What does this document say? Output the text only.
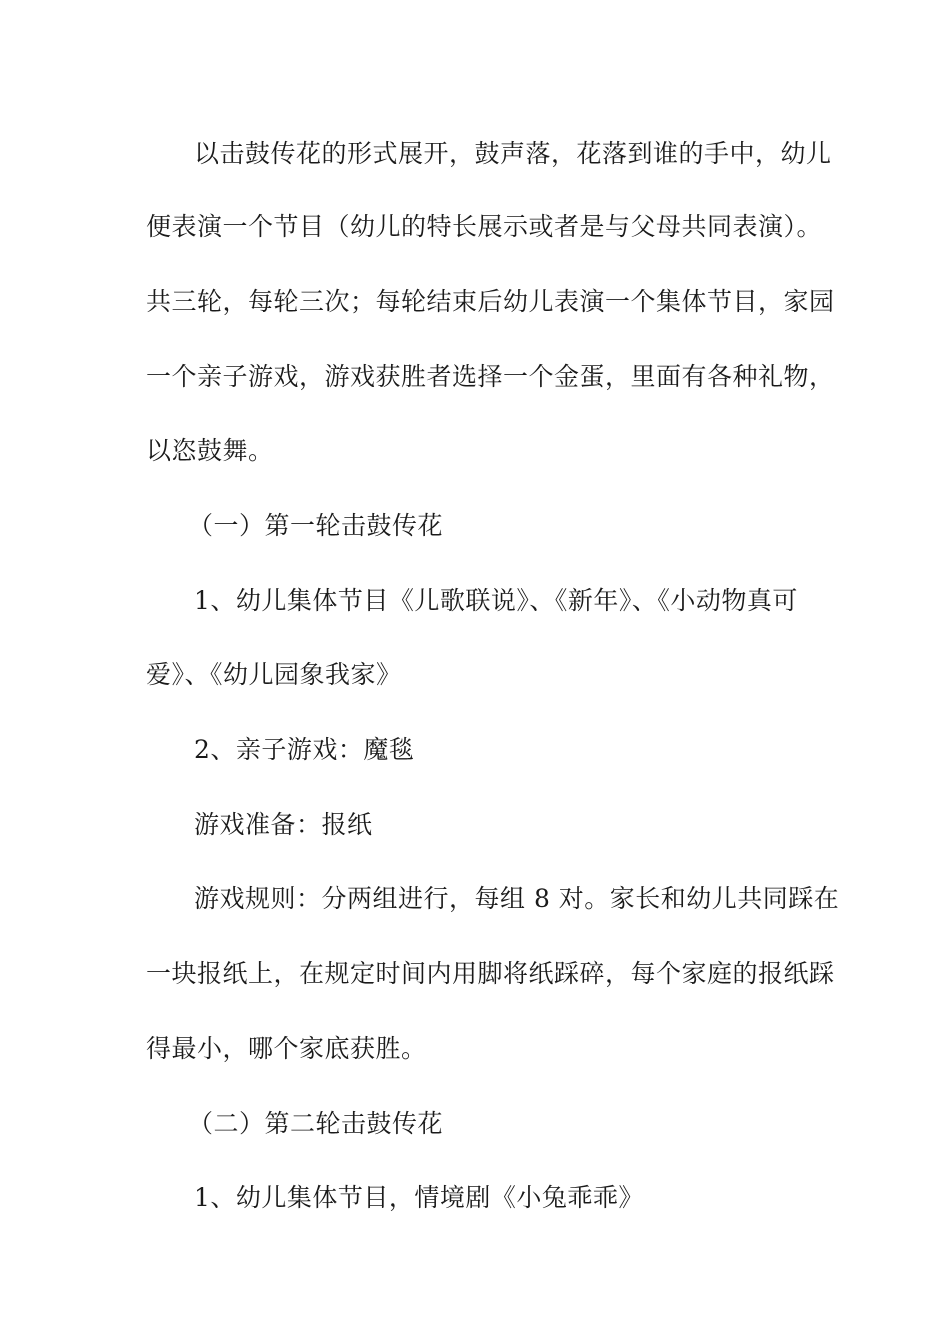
以击鼓传花的形式展开，鼓声落，花落到谁的手中，幼儿
便表演一个节目（幼儿的特长展示或者是与父母共同表演）。
共三轮，每轮三次；每轮结束后幼儿表演一个集体节目，家园
一个亲子游戏，游戏获胜者选择一个金蛋，里面有各种礼物，
以恣鼓舞。
（一）第一轮击鼓传花
1、幼儿集体节目《儿歌联说》、《新年》、《小动物真可
爱》、《幼儿园象我家》
2、亲子游戏：魔毯
游戏准备：报纸
游戏规则：分两组进行，每组 8 对。家长和幼儿共同踩在
一块报纸上，在规定时间内用脚将纸踩碎，每个家庭的报纸踩
得最小，哪个家底获胜。
（二）第二轮击鼓传花
1、幼儿集体节目，情境剧《小兔乖乖》
